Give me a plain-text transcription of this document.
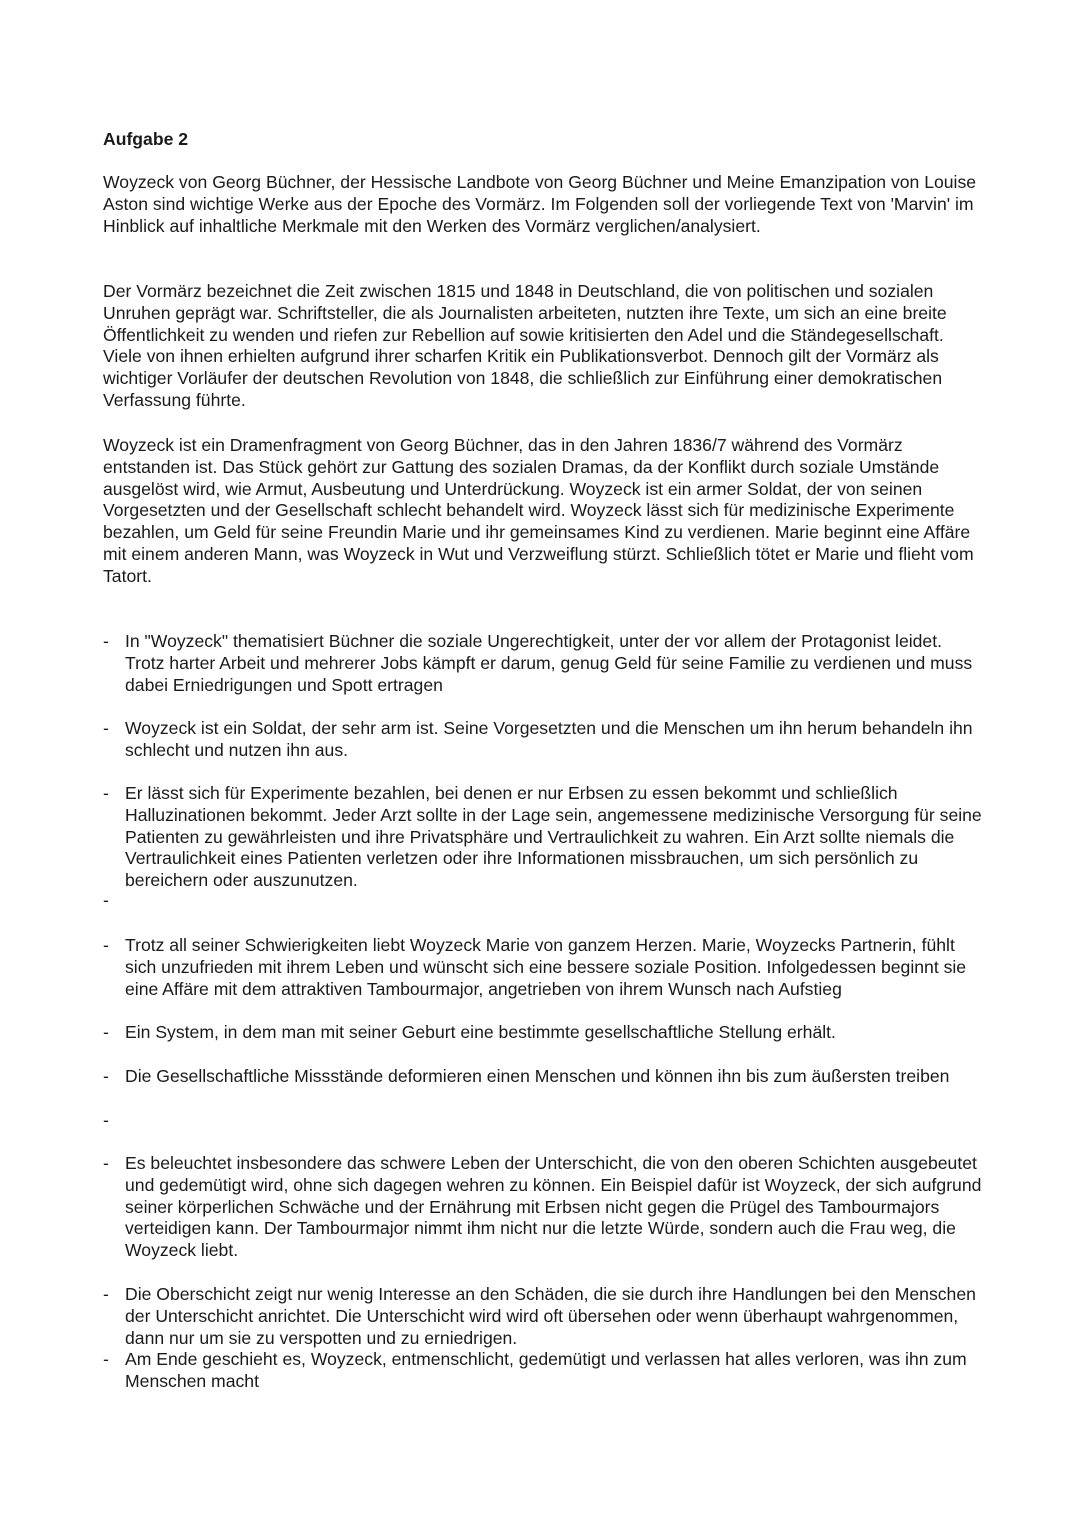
Aufgabe 2

Woyzeck von Georg Büchner, der Hessische Landbote von Georg Büchner und Meine Emanzipation von Louise Aston sind wichtige Werke aus der Epoche des Vormärz. Im Folgenden soll der vorliegende Text von 'Marvin' im Hinblick auf inhaltliche Merkmale mit den Werken des Vormärz verglichen/analysiert.

Der Vormärz bezeichnet die Zeit zwischen 1815 und 1848 in Deutschland, die von politischen und sozialen Unruhen geprägt war. Schriftsteller, die als Journalisten arbeiteten, nutzten ihre Texte, um sich an eine breite Öffentlichkeit zu wenden und riefen zur Rebellion auf sowie kritisierten den Adel und die Ständegesellschaft. Viele von ihnen erhielten aufgrund ihrer scharfen Kritik ein Publikationsverbot. Dennoch gilt der Vormärz als wichtiger Vorläufer der deutschen Revolution von 1848, die schließlich zur Einführung einer demokratischen Verfassung führte.

Woyzeck ist ein Dramenfragment von Georg Büchner, das in den Jahren 1836/7 während des Vormärz entstanden ist. Das Stück gehört zur Gattung des sozialen Dramas, da der Konflikt durch soziale Umstände ausgelöst wird, wie Armut, Ausbeutung und Unterdrückung. Woyzeck ist ein armer Soldat, der von seinen Vorgesetzten und der Gesellschaft schlecht behandelt wird. Woyzeck lässt sich für medizinische Experimente bezahlen, um Geld für seine Freundin Marie und ihr gemeinsames Kind zu verdienen. Marie beginnt eine Affäre mit einem anderen Mann, was Woyzeck in Wut und Verzweiflung stürzt. Schließlich tötet er Marie und flieht vom Tatort.

- In "Woyzeck" thematisiert Büchner die soziale Ungerechtigkeit, unter der vor allem der Protagonist leidet. Trotz harter Arbeit und mehrerer Jobs kämpft er darum, genug Geld für seine Familie zu verdienen und muss dabei Erniedrigungen und Spott ertragen
- Woyzeck ist ein Soldat, der sehr arm ist. Seine Vorgesetzten und die Menschen um ihn herum behandeln ihn schlecht und nutzen ihn aus.
- Er lässt sich für Experimente bezahlen, bei denen er nur Erbsen zu essen bekommt und schließlich Halluzinationen bekommt. Jeder Arzt sollte in der Lage sein, angemessene medizinische Versorgung für seine Patienten zu gewährleisten und ihre Privatsphäre und Vertraulichkeit zu wahren. Ein Arzt sollte niemals die Vertraulichkeit eines Patienten verletzen oder ihre Informationen missbrauchen, um sich persönlich zu bereichern oder auszunutzen.
-
- Trotz all seiner Schwierigkeiten liebt Woyzeck Marie von ganzem Herzen. Marie, Woyzecks Partnerin, fühlt sich unzufrieden mit ihrem Leben und wünscht sich eine bessere soziale Position. Infolgedessen beginnt sie eine Affäre mit dem attraktiven Tambourmajor, angetrieben von ihrem Wunsch nach Aufstieg
- Ein System, in dem man mit seiner Geburt eine bestimmte gesellschaftliche Stellung erhält.
- Die Gesellschaftliche Missstände deformieren einen Menschen und können ihn bis zum äußersten treiben
-
- Es beleuchtet insbesondere das schwere Leben der Unterschicht, die von den oberen Schichten ausgebeutet und gedemütigt wird, ohne sich dagegen wehren zu können. Ein Beispiel dafür ist Woyzeck, der sich aufgrund seiner körperlichen Schwäche und der Ernährung mit Erbsen nicht gegen die Prügel des Tambourmajors verteidigen kann. Der Tambourmajor nimmt ihm nicht nur die letzte Würde, sondern auch die Frau weg, die Woyzeck liebt.
- Die Oberschicht zeigt nur wenig Interesse an den Schäden, die sie durch ihre Handlungen bei den Menschen der Unterschicht anrichtet. Die Unterschicht wird wird oft übersehen oder wenn überhaupt wahrgenommen, dann nur um sie zu verspotten und zu erniedrigen.
- Am Ende geschieht es, Woyzeck, entmenschlicht, gedemütigt und verlassen hat alles verloren, was ihn zum Menschen macht
